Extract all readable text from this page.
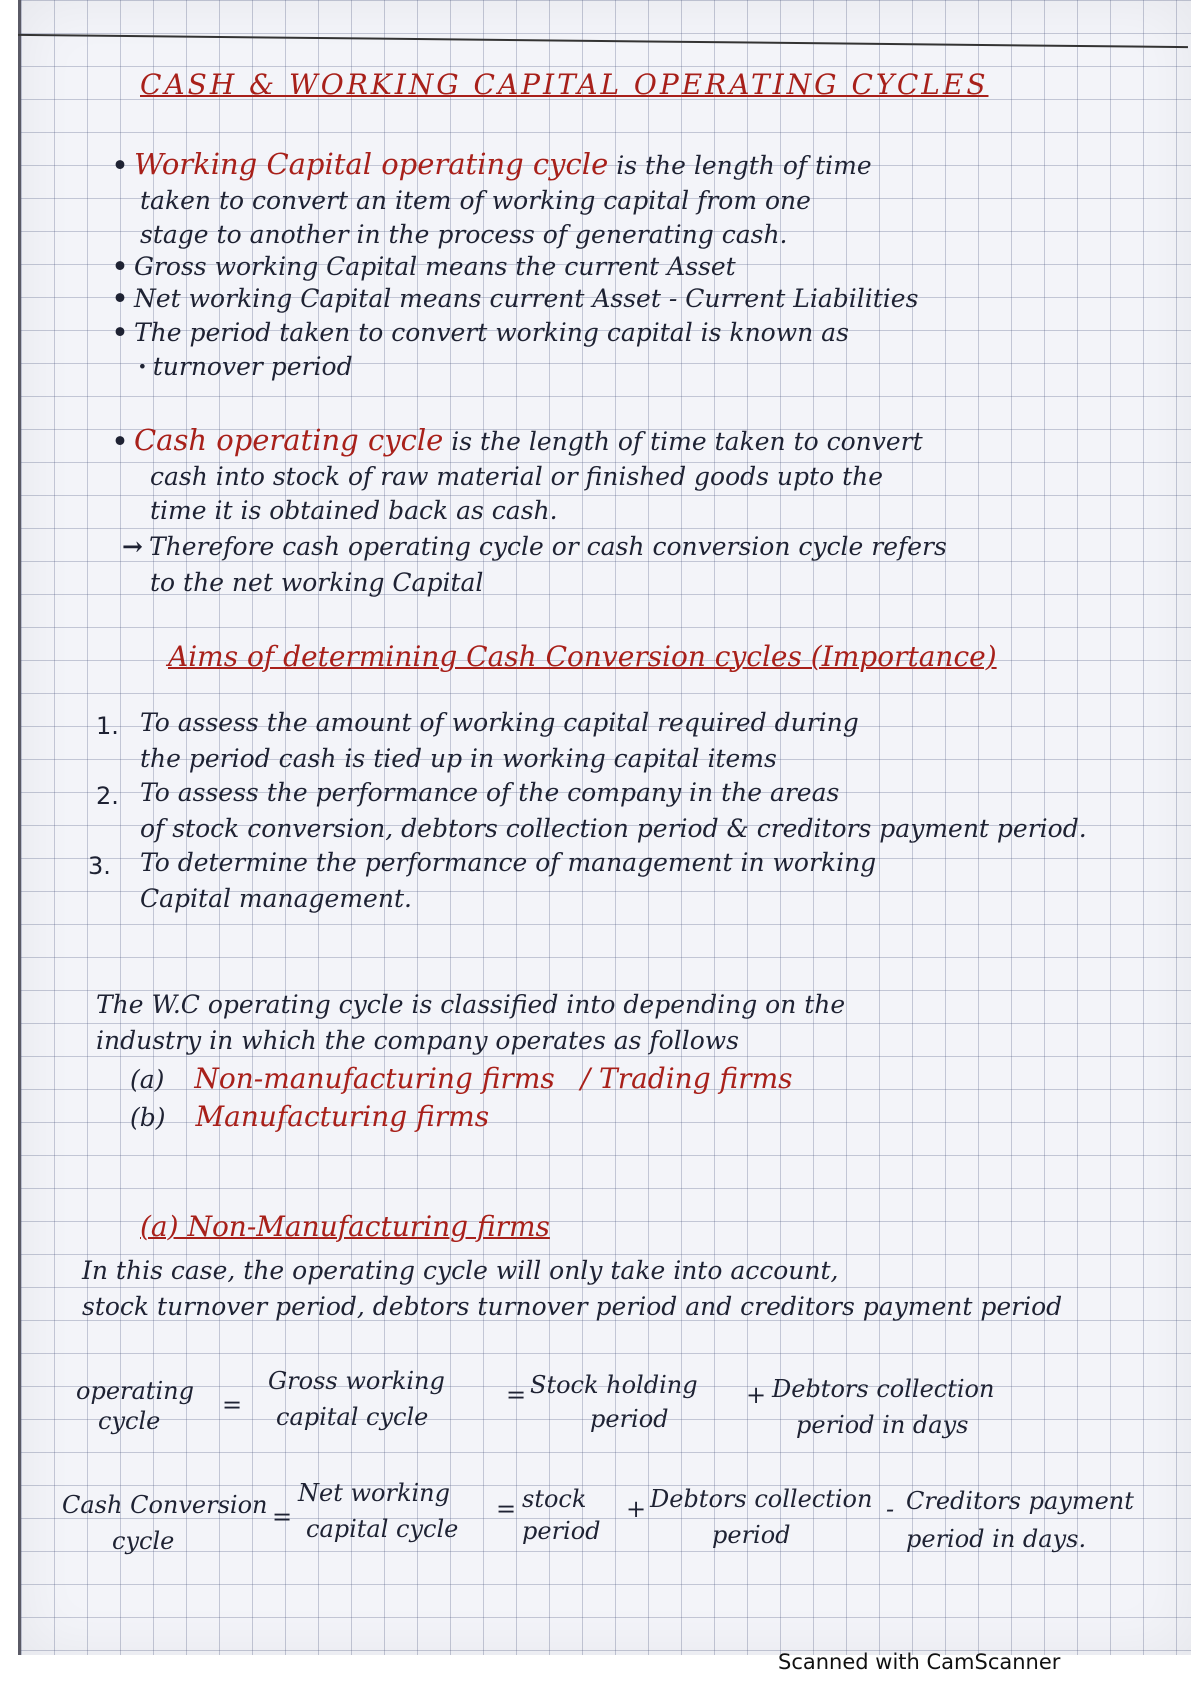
CASH & WORKING CAPITAL OPERATING CYCLES
• Working Capital operating cycle is the length of time
taken to convert an item of working capital from one
stage to another in the process of generating cash.
• Gross working Capital means the current Asset
• Net working Capital means current Asset - Current Liabilities
• The period taken to convert working capital is known as
· turnover period
• Cash operating cycle is the length of time taken to convert
cash into stock of raw material or finished goods upto the
time it is obtained back as cash.
→ Therefore cash operating cycle or cash conversion cycle refers
to the net working Capital
Aims of determining Cash Conversion cycles (Importance)
1. To assess the amount of working capital required during
the period cash is tied up in working capital items
2. To assess the performance of the company in the areas
of stock conversion, debtors collection period & creditors payment period.
3. To determine the performance of management in working
Capital management.
The W.C operating cycle is classified into depending on the
industry in which the company operates as follows
(a) Non-manufacturing firms / Trading firms
(b) Manufacturing firms
(a) Non-Manufacturing firms
In this case, the operating cycle will only take into account,
stock turnover period, debtors turnover period and creditors payment period
operating
cycle
=
Gross working
capital cycle
= Stock holding
period
+ Debtors collection
period in days
Cash Conversion
cycle
=
Net working
capital cycle
= stock
period
+ Debtors collection
period
- Creditors payment
period in days.
Scanned with CamScanner
